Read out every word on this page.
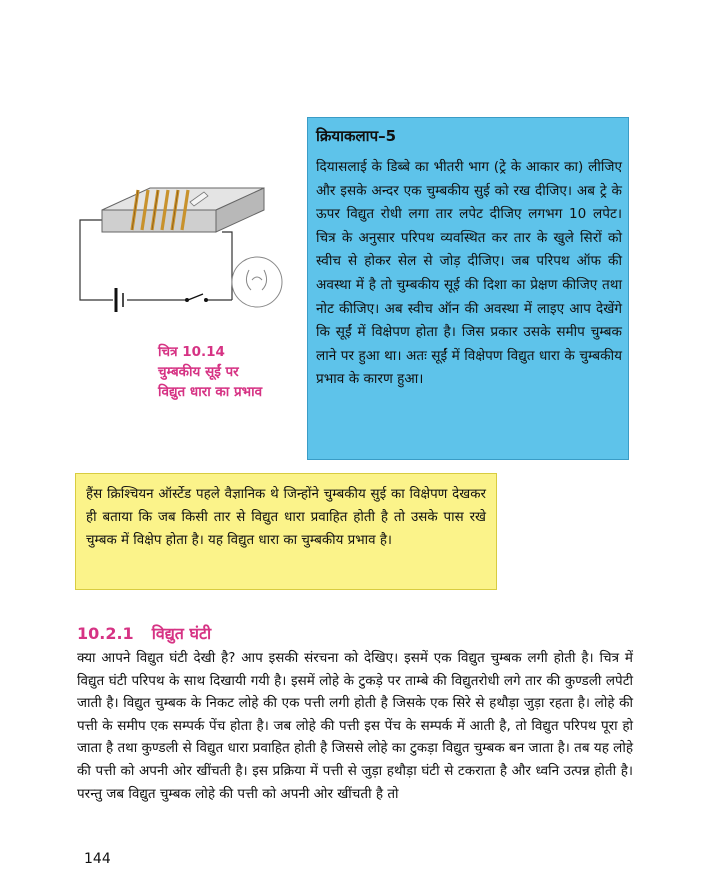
क्रियाकलाप–5
दियासलाई के डिब्बे का भीतरी भाग (ट्रे के आकार का) लीजिए और इसके अन्दर एक चुम्बकीय सुई को रख दीजिए। अब ट्रे के ऊपर विद्युत रोधी लगा तार लपेट दीजिए लगभग 10 लपेट। चित्र के अनुसार परिपथ व्यवस्थित कर तार के खुले सिरों को स्वीच से होकर सेल से जोड़ दीजिए। जब परिपथ ऑफ की अवस्था में है तो चुम्बकीय सूई की दिशा का प्रेक्षण कीजिए तथा नोट कीजिए। अब स्वीच ऑन की अवस्था में लाइए आप देखेंगे कि सूईं में विक्षेपण होता है। जिस प्रकार उसके समीप चुम्बक लाने पर हुआ था। अतः सूईं में विक्षेपण विद्युत धारा के चुम्बकीय प्रभाव के कारण हुआ।
चित्र 10.14
चुम्बकीय सूईं पर
विद्युत धारा का प्रभाव
हैंस क्रिश्चियन ऑर्स्टेड पहले वैज्ञानिक थे जिन्होंने चुम्बकीय सुई का विक्षेपण देखकर ही बताया कि जब किसी तार से विद्युत धारा प्रवाहित होती है तो उसके पास रखे चुम्बक में विक्षेप होता है। यह विद्युत धारा का चुम्बकीय प्रभाव है।
10.2.1 विद्युत घंटी
क्या आपने विद्युत घंटी देखी है? आप इसकी संरचना को देखिए। इसमें एक विद्युत चुम्बक लगी होती है। चित्र में विद्युत घंटी परिपथ के साथ दिखायी गयी है। इसमें लोहे के टुकड़े पर ताम्बे की विद्युतरोधी लगे तार की कुण्डली लपेटी जाती है। विद्युत चुम्बक के निकट लोहे की एक पत्ती लगी होती है जिसके एक सिरे से हथौड़ा जुड़ा रहता है। लोहे की पत्ती के समीप एक सम्पर्क पेंच होता है। जब लोहे की पत्ती इस पेंच के सम्पर्क में आती है, तो विद्युत परिपथ पूरा हो जाता है तथा कुण्डली से विद्युत धारा प्रवाहित होती है जिससे लोहे का टुकड़ा विद्युत चुम्बक बन जाता है। तब यह लोहे की पत्ती को अपनी ओर खींचती है। इस प्रक्रिया में पत्ती से जुड़ा हथौड़ा घंटी से टकराता है और ध्वनि उत्पन्न होती है। परन्तु जब विद्युत चुम्बक लोहे की पत्ती को अपनी ओर खींचती है तो
144
